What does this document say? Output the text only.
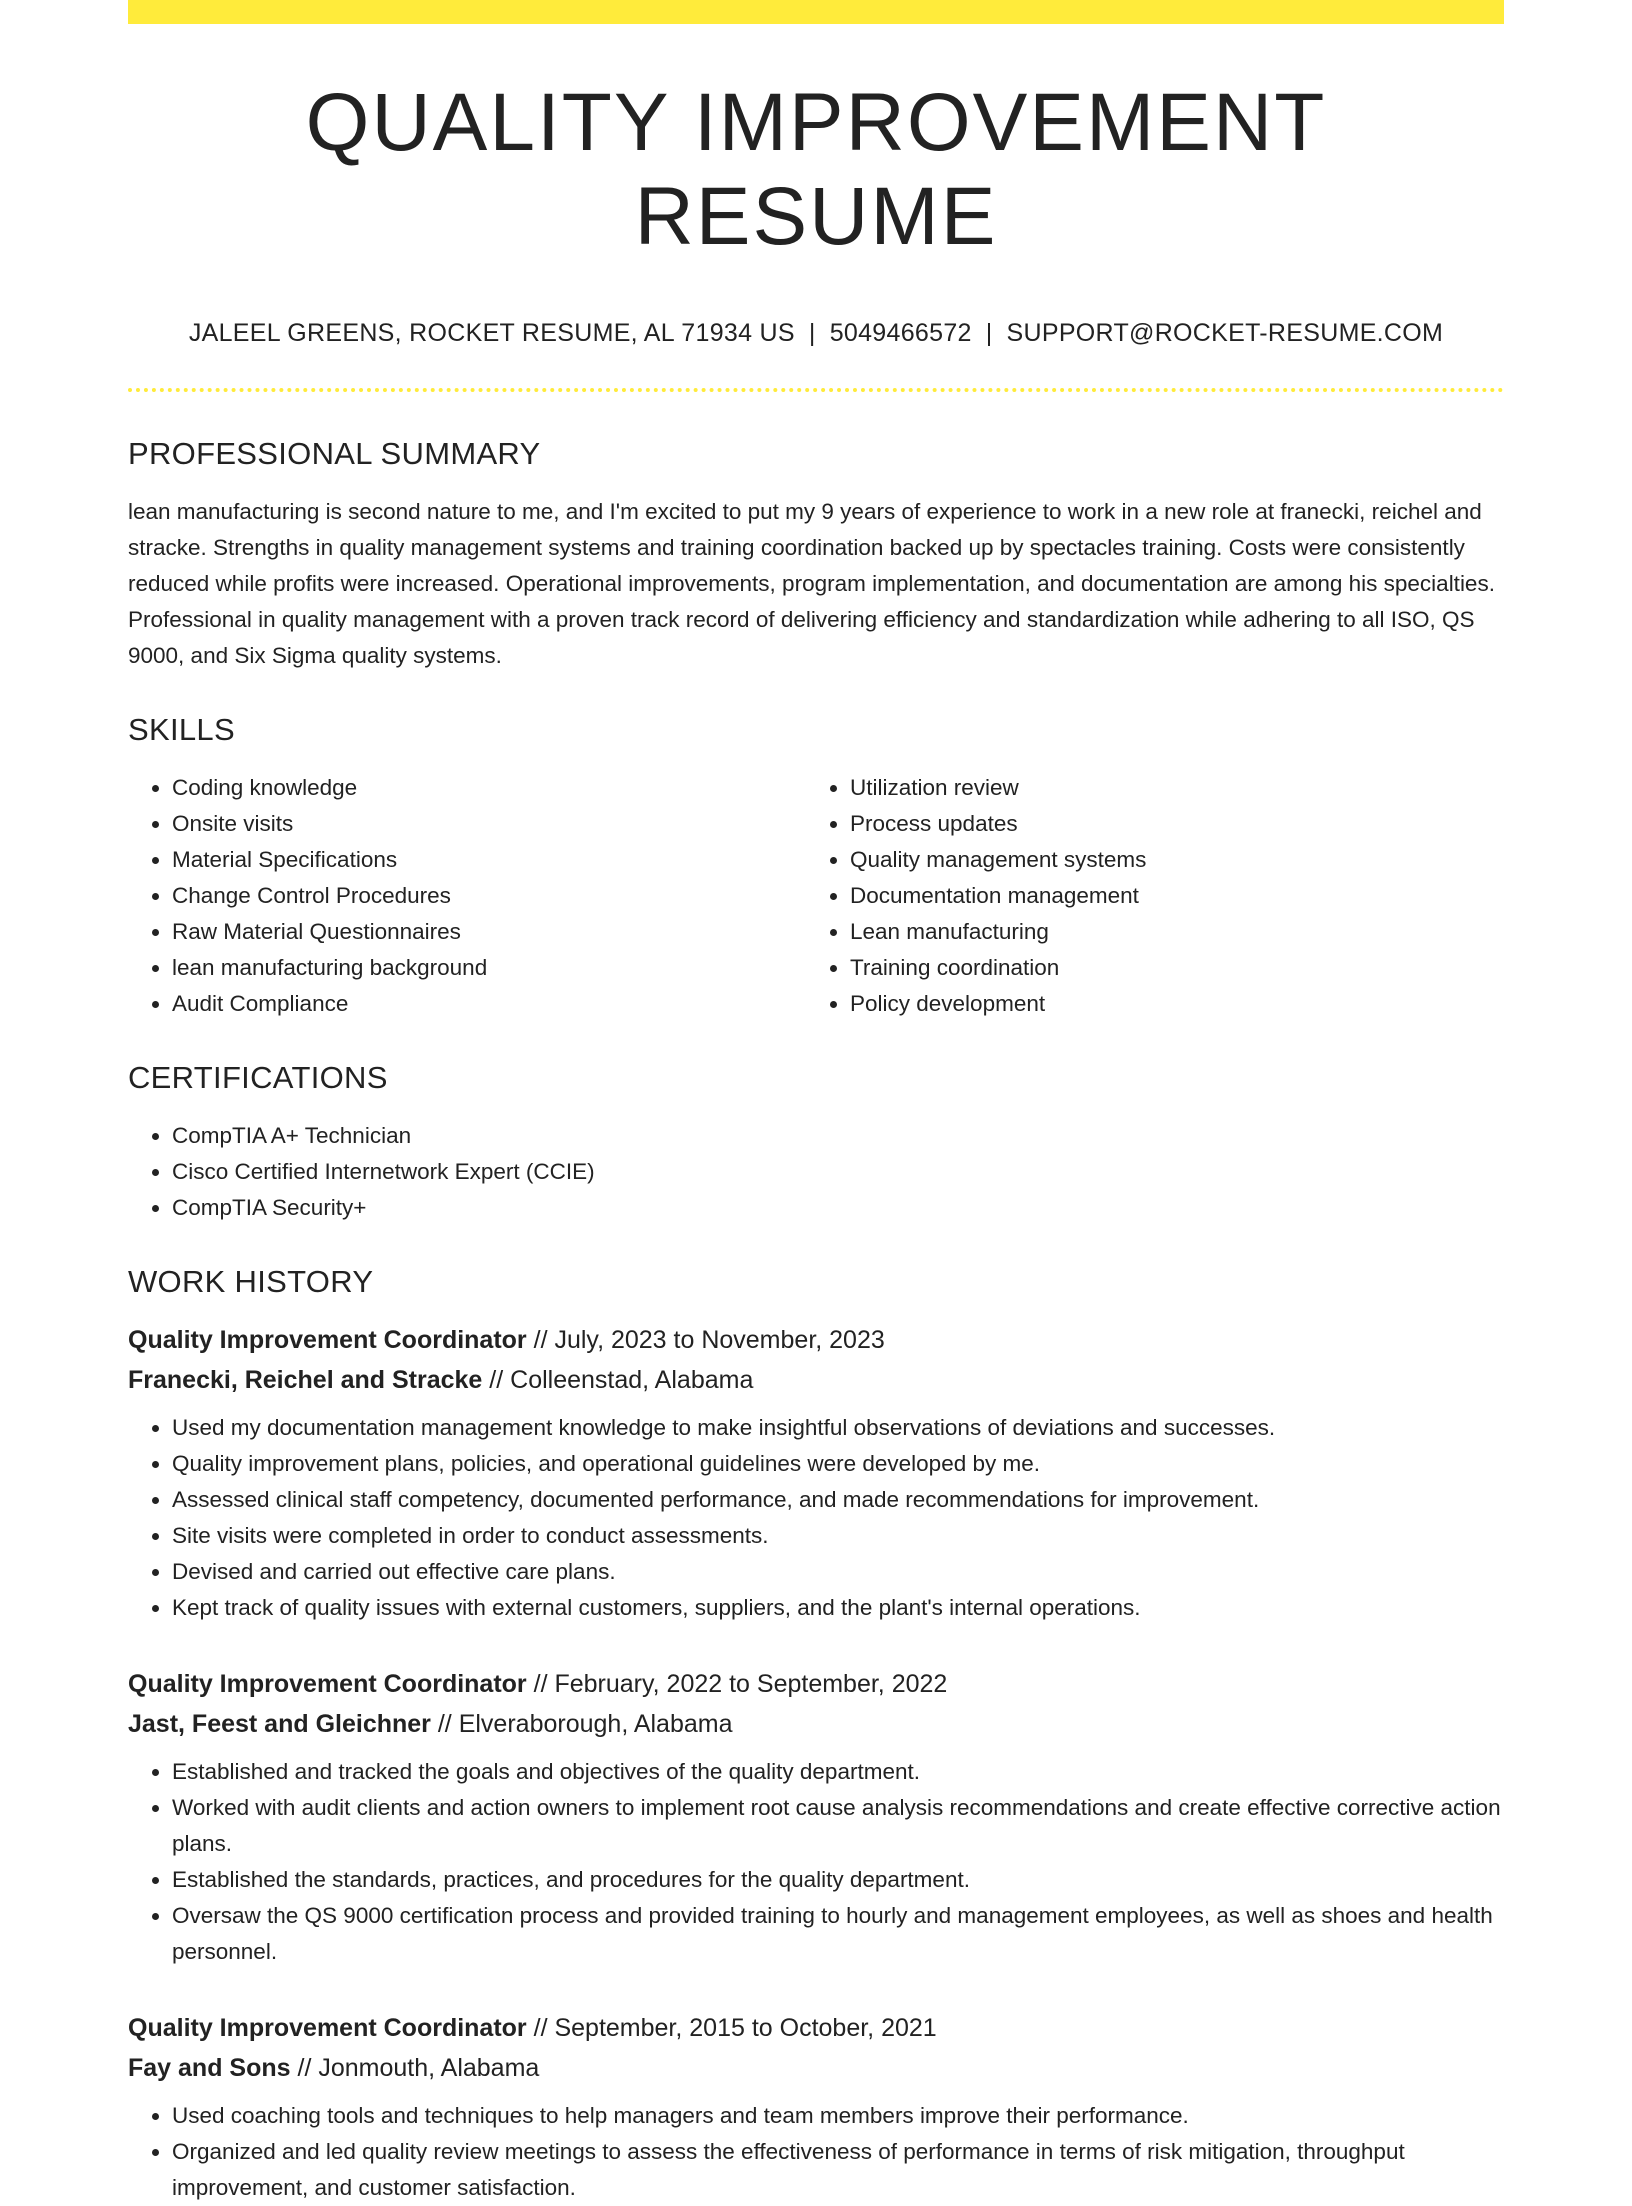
QUALITY IMPROVEMENT RESUME
JALEEL GREENS, ROCKET RESUME, AL 71934 US | 5049466572 | SUPPORT@ROCKET-RESUME.COM
PROFESSIONAL SUMMARY

lean manufacturing is second nature to me, and I'm excited to put my 9 years of experience to work in a new role at franecki, reichel and stracke. Strengths in quality management systems and training coordination backed up by spectacles training. Costs were consistently reduced while profits were increased. Operational improvements, program implementation, and documentation are among his specialties. Professional in quality management with a proven track record of delivering efficiency and standardization while adhering to all ISO, QS 9000, and Six Sigma quality systems.

SKILLS
• Coding knowledge
• Onsite visits
• Material Specifications
• Change Control Procedures
• Raw Material Questionnaires
• lean manufacturing background
• Audit Compliance
• Utilization review
• Process updates
• Quality management systems
• Documentation management
• Lean manufacturing
• Training coordination
• Policy development
CERTIFICATIONS
• CompTIA A+ Technician
• Cisco Certified Internetwork Expert (CCIE)
• CompTIA Security+
WORK HISTORY
Quality Improvement Coordinator // July, 2023 to November, 2023
Franecki, Reichel and Stracke // Colleenstad, Alabama
• Used my documentation management knowledge to make insightful observations of deviations and successes.
• Quality improvement plans, policies, and operational guidelines were developed by me.
• Assessed clinical staff competency, documented performance, and made recommendations for improvement.
• Site visits were completed in order to conduct assessments.
• Devised and carried out effective care plans.
• Kept track of quality issues with external customers, suppliers, and the plant's internal operations.
Quality Improvement Coordinator // February, 2022 to September, 2022
Jast, Feest and Gleichner // Elveraborough, Alabama
• Established and tracked the goals and objectives of the quality department.
• Worked with audit clients and action owners to implement root cause analysis recommendations and create effective corrective action plans.
• Established the standards, practices, and procedures for the quality department.
• Oversaw the QS 9000 certification process and provided training to hourly and management employees, as well as shoes and health personnel.
Quality Improvement Coordinator // September, 2015 to October, 2021
Fay and Sons // Jonmouth, Alabama
• Used coaching tools and techniques to help managers and team members improve their performance.
• Organized and led quality review meetings to assess the effectiveness of performance in terms of risk mitigation, throughput improvement, and customer satisfaction.
